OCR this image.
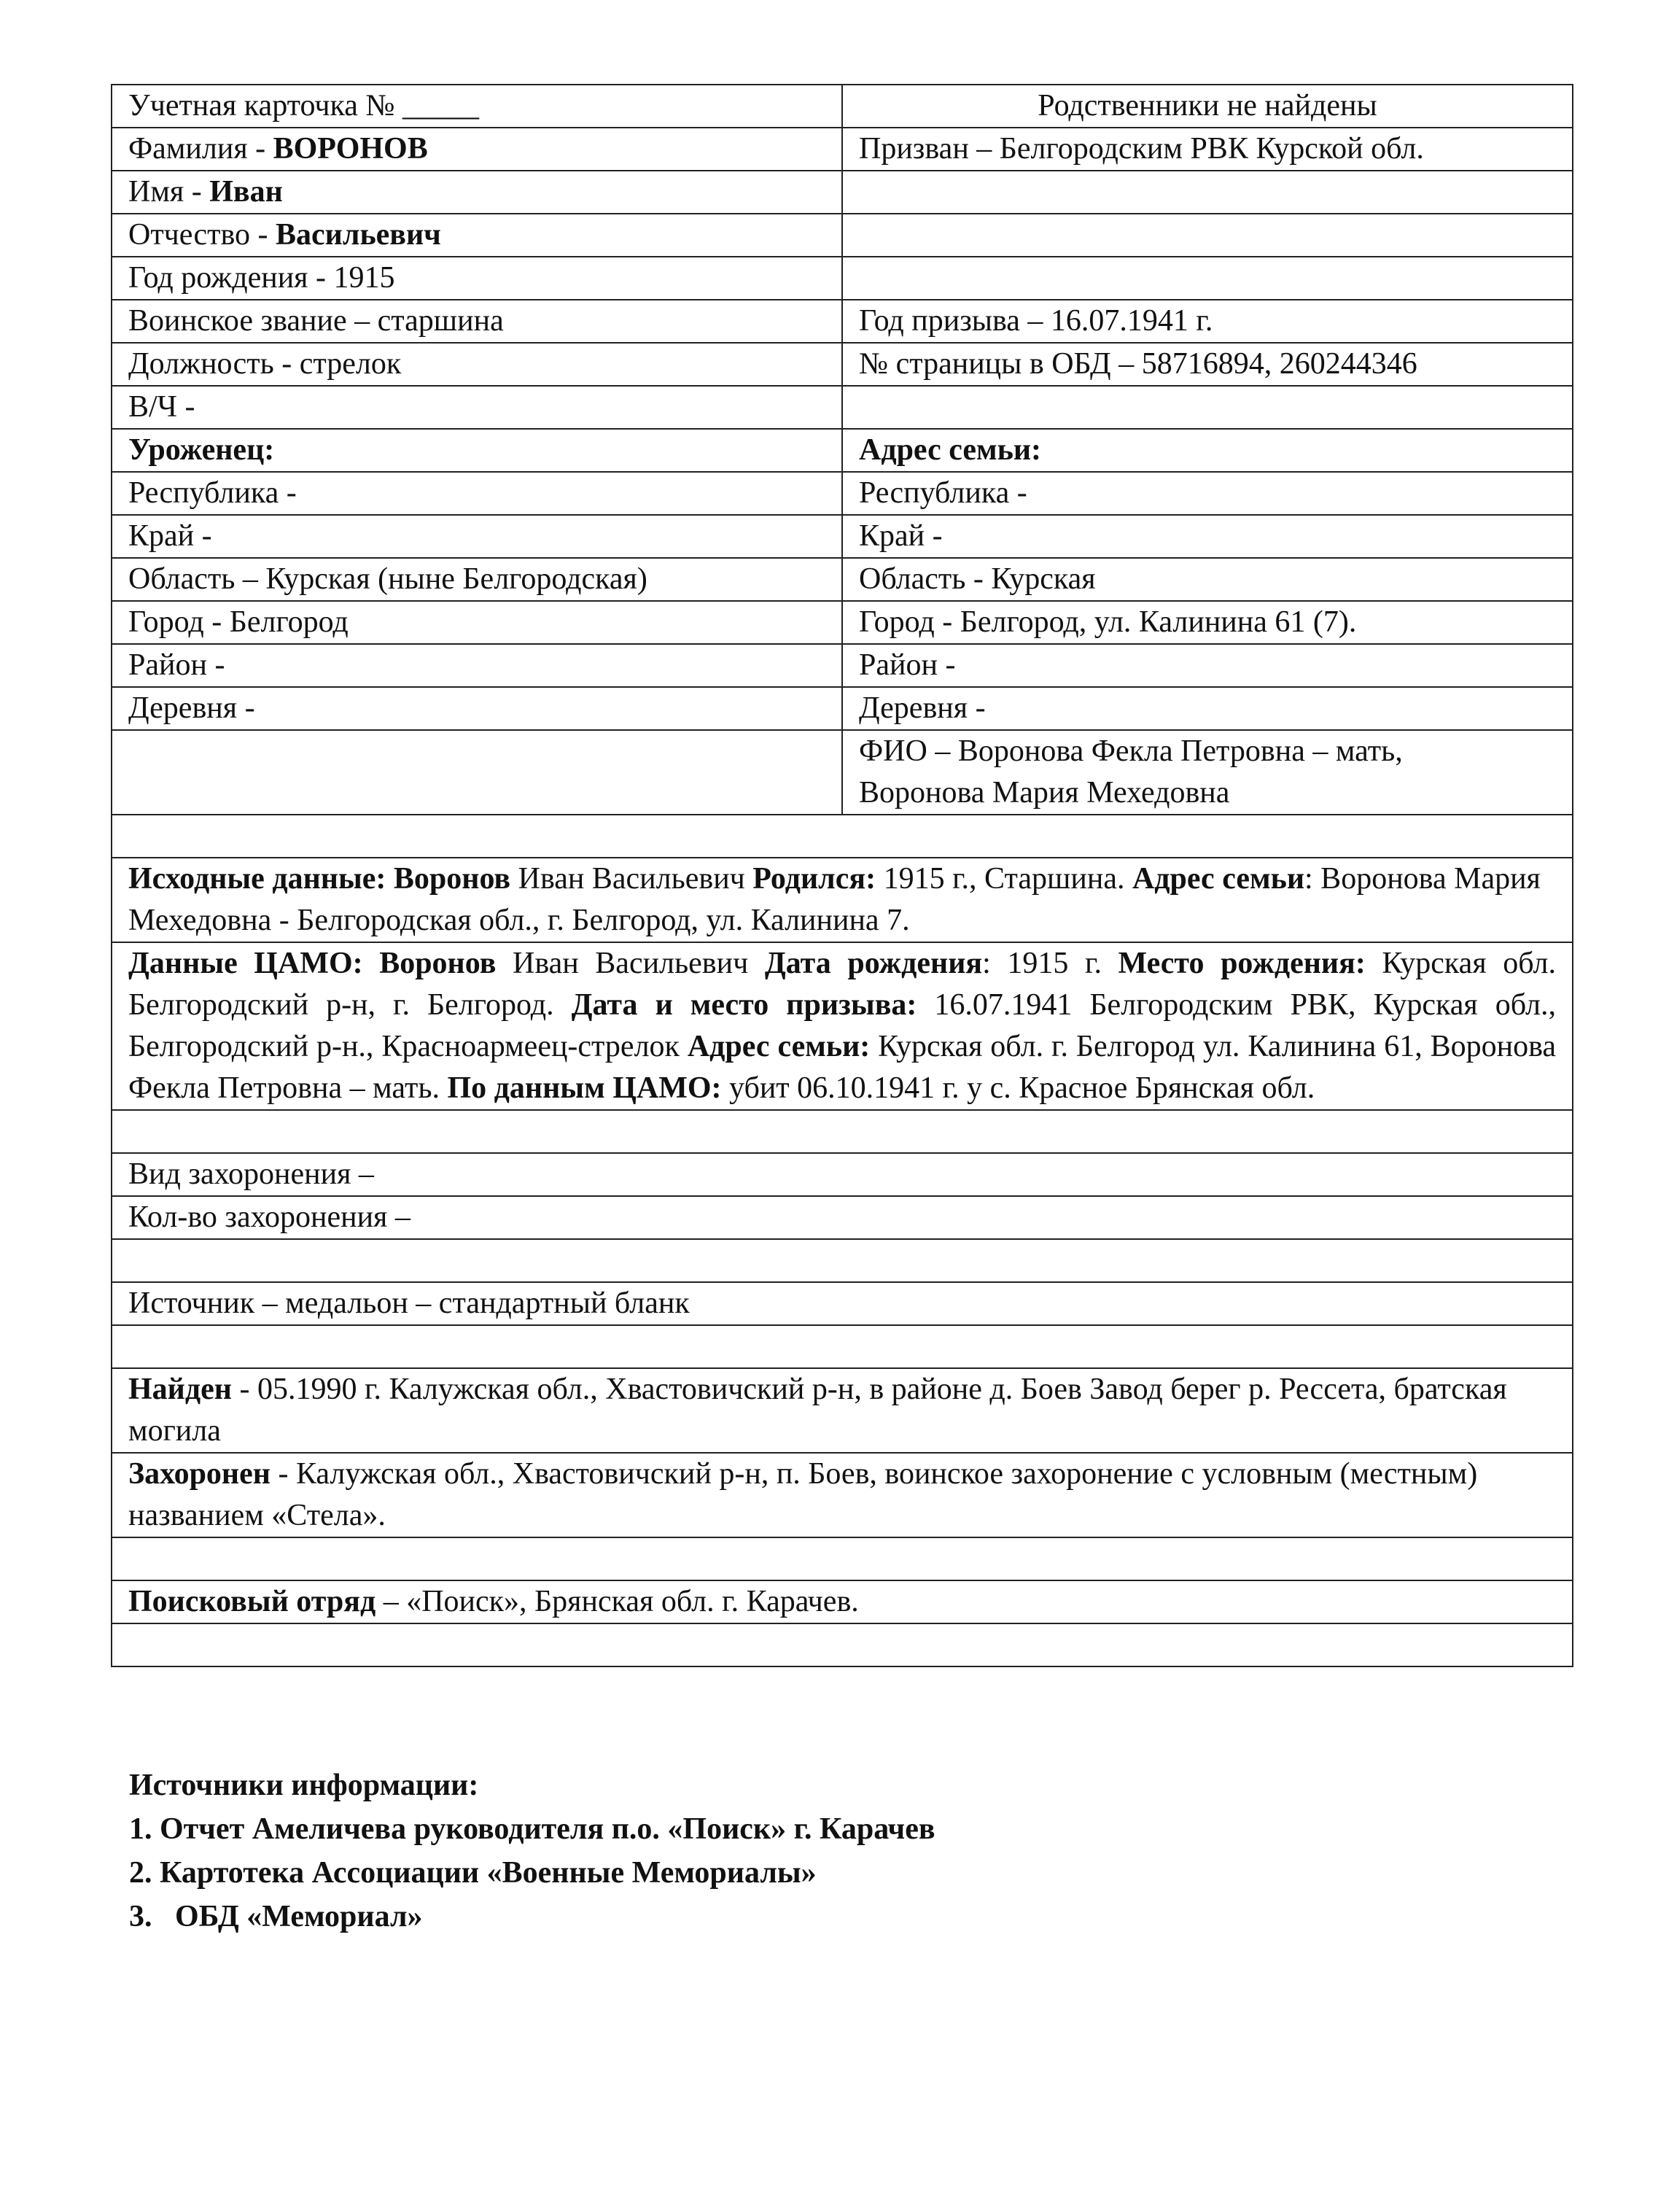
Учетная карточка № _____	Родственники не найдены
Фамилия - ВОРОНОВ	Призван – Белгородским РВК Курской обл.
Имя - Иван	
Отчество - Васильевич	
Год рождения - 1915	
Воинское звание – старшина	Год призыва – 16.07.1941 г.
Должность - стрелок	№ страницы в ОБД – 58716894, 260244346
В/Ч -	
Уроженец:	Адрес семьи:
Республика -	Республика -
Край -	Край -
Область – Курская (ныне Белгородская)	Область - Курская
Город - Белгород	Город - Белгород, ул. Калинина 61 (7).
Район -	Район -
Деревня -	Деревня -

	ФИО – Воронова Фекла Петровна – мать,
Воронова Мария Мехедовна

Исходные данные: Воронов Иван Васильевич Родился: 1915 г., Старшина. Адрес семьи: Воронова Мария Мехедовна - Белгородская обл., г. Белгород, ул. Калинина 7.	
Данные ЦАМО: Воронов Иван Васильевич Дата рождения: 1915 г. Место рождения: Курская обл. Белгородский р-н, г. Белгород. Дата и место призыва: 16.07.1941 Белгородским РВК, Курская обл., Белгородский р-н., Красноармеец-стрелок Адрес семьи: Курская обл. г. Белгород ул. Калинина 61, Воронова Фекла Петровна – мать. По данным ЦАМО: убит 06.10.1941 г. у с. Красное Брянская обл.	

Вид захоронения –	
Кол-во захоронения –	

Источник – медальон – стандартный бланк	

Найден - 05.1990 г. Калужская обл., Хвастовичский р-н, в районе д. Боев Завод берег р. Рессета, братская могила	
Захоронен - Калужская обл., Хвастовичский р-н, п. Боев, воинское захоронение с условным (местным) названием «Стела».	

Поисковый отряд – «Поиск», Брянская обл. г. Карачев.	

Источники информации:
1. Отчет Амеличева руководителя п.о. «Поиск» г. Карачев
2. Картотека Ассоциации «Военные Мемориалы»
3.   ОБД «Мемориал»
